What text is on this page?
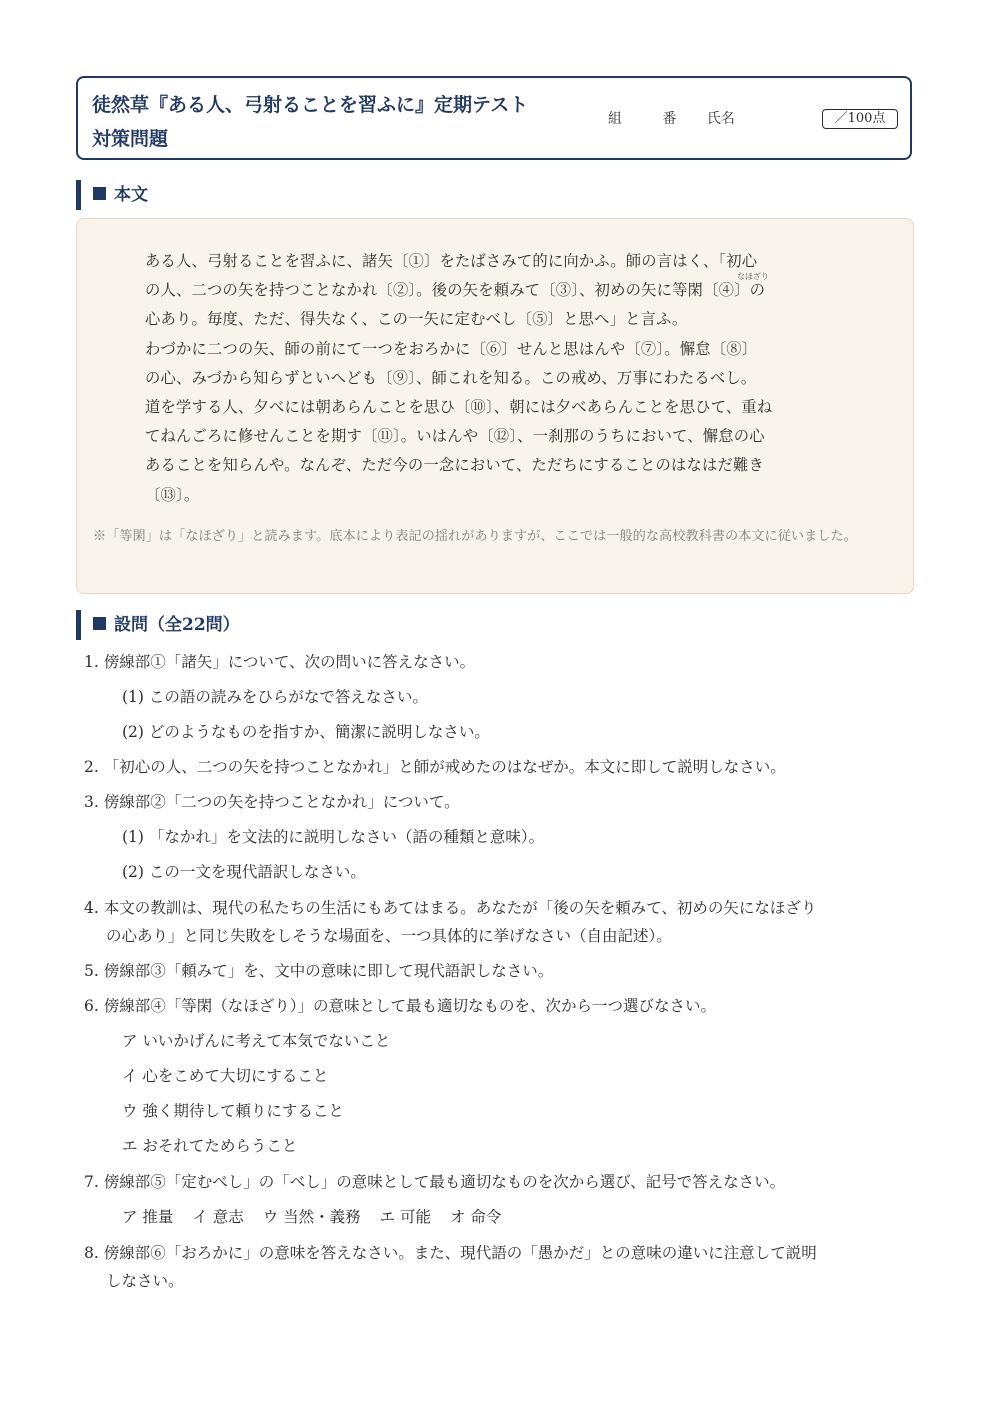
徒然草『ある人、弓射ることを習ふに』定期テスト
対策問題
組	番 氏名	／100点
本文
なほざり
ある人、弓射ることを習ふに、諸矢〔①〕をたばさみて的に向かふ。師の言はく、「初心
の人、二つの矢を持つことなかれ〔②〕。後の矢を頼みて〔③〕、初めの矢に等閑〔④〕の
心あり。毎度、ただ、得失なく、この一矢に定むべし〔⑤〕と思へ」と言ふ。
わづかに二つの矢、師の前にて一つをおろかに〔⑥〕せんと思はんや〔⑦〕。懈怠〔⑧〕
の心、みづから知らずといへども〔⑨〕、師これを知る。この戒め、万事にわたるべし。
道を学する人、夕べには朝あらんことを思ひ〔⑩〕、朝には夕べあらんことを思ひて、重ね
てねんごろに修せんことを期す〔⑪〕。いはんや〔⑫〕、一刹那のうちにおいて、懈怠の心
あることを知らんや。なんぞ、ただ今の一念において、ただちにすることのはなはだ難き
〔⑬〕。
※「等閑」は「なほざり」と読みます。底本により表記の揺れがありますが、ここでは一般的な高校教科書の本文に従いました。
設問（全22問）
1. 傍線部①「諸矢」について、次の問いに答えなさい。
(1) この語の読みをひらがなで答えなさい。
(2) どのようなものを指すか、簡潔に説明しなさい。
2. 「初心の人、二つの矢を持つことなかれ」と師が戒めたのはなぜか。本文に即して説明しなさい。
3. 傍線部②「二つの矢を持つことなかれ」について。
(1) 「なかれ」を文法的に説明しなさい（語の種類と意味）。
(2) この一文を現代語訳しなさい。
4. 本文の教訓は、現代の私たちの生活にもあてはまる。あなたが「後の矢を頼みて、初めの矢になほざり
の心あり」と同じ失敗をしそうな場面を、一つ具体的に挙げなさい（自由記述）。
5. 傍線部③「頼みて」を、文中の意味に即して現代語訳しなさい。
6. 傍線部④「等閑（なほざり）」の意味として最も適切なものを、次から一つ選びなさい。
ア いいかげんに考えて本気でないこと
イ 心をこめて大切にすること
ウ 強く期待して頼りにすること
エ おそれてためらうこと
7. 傍線部⑤「定むべし」の「べし」の意味として最も適切なものを次から選び、記号で答えなさい。
ア 推量 イ 意志 ウ 当然・義務 エ 可能 オ 命令
8. 傍線部⑥「おろかに」の意味を答えなさい。また、現代語の「愚かだ」との意味の違いに注意して説明
しなさい。
